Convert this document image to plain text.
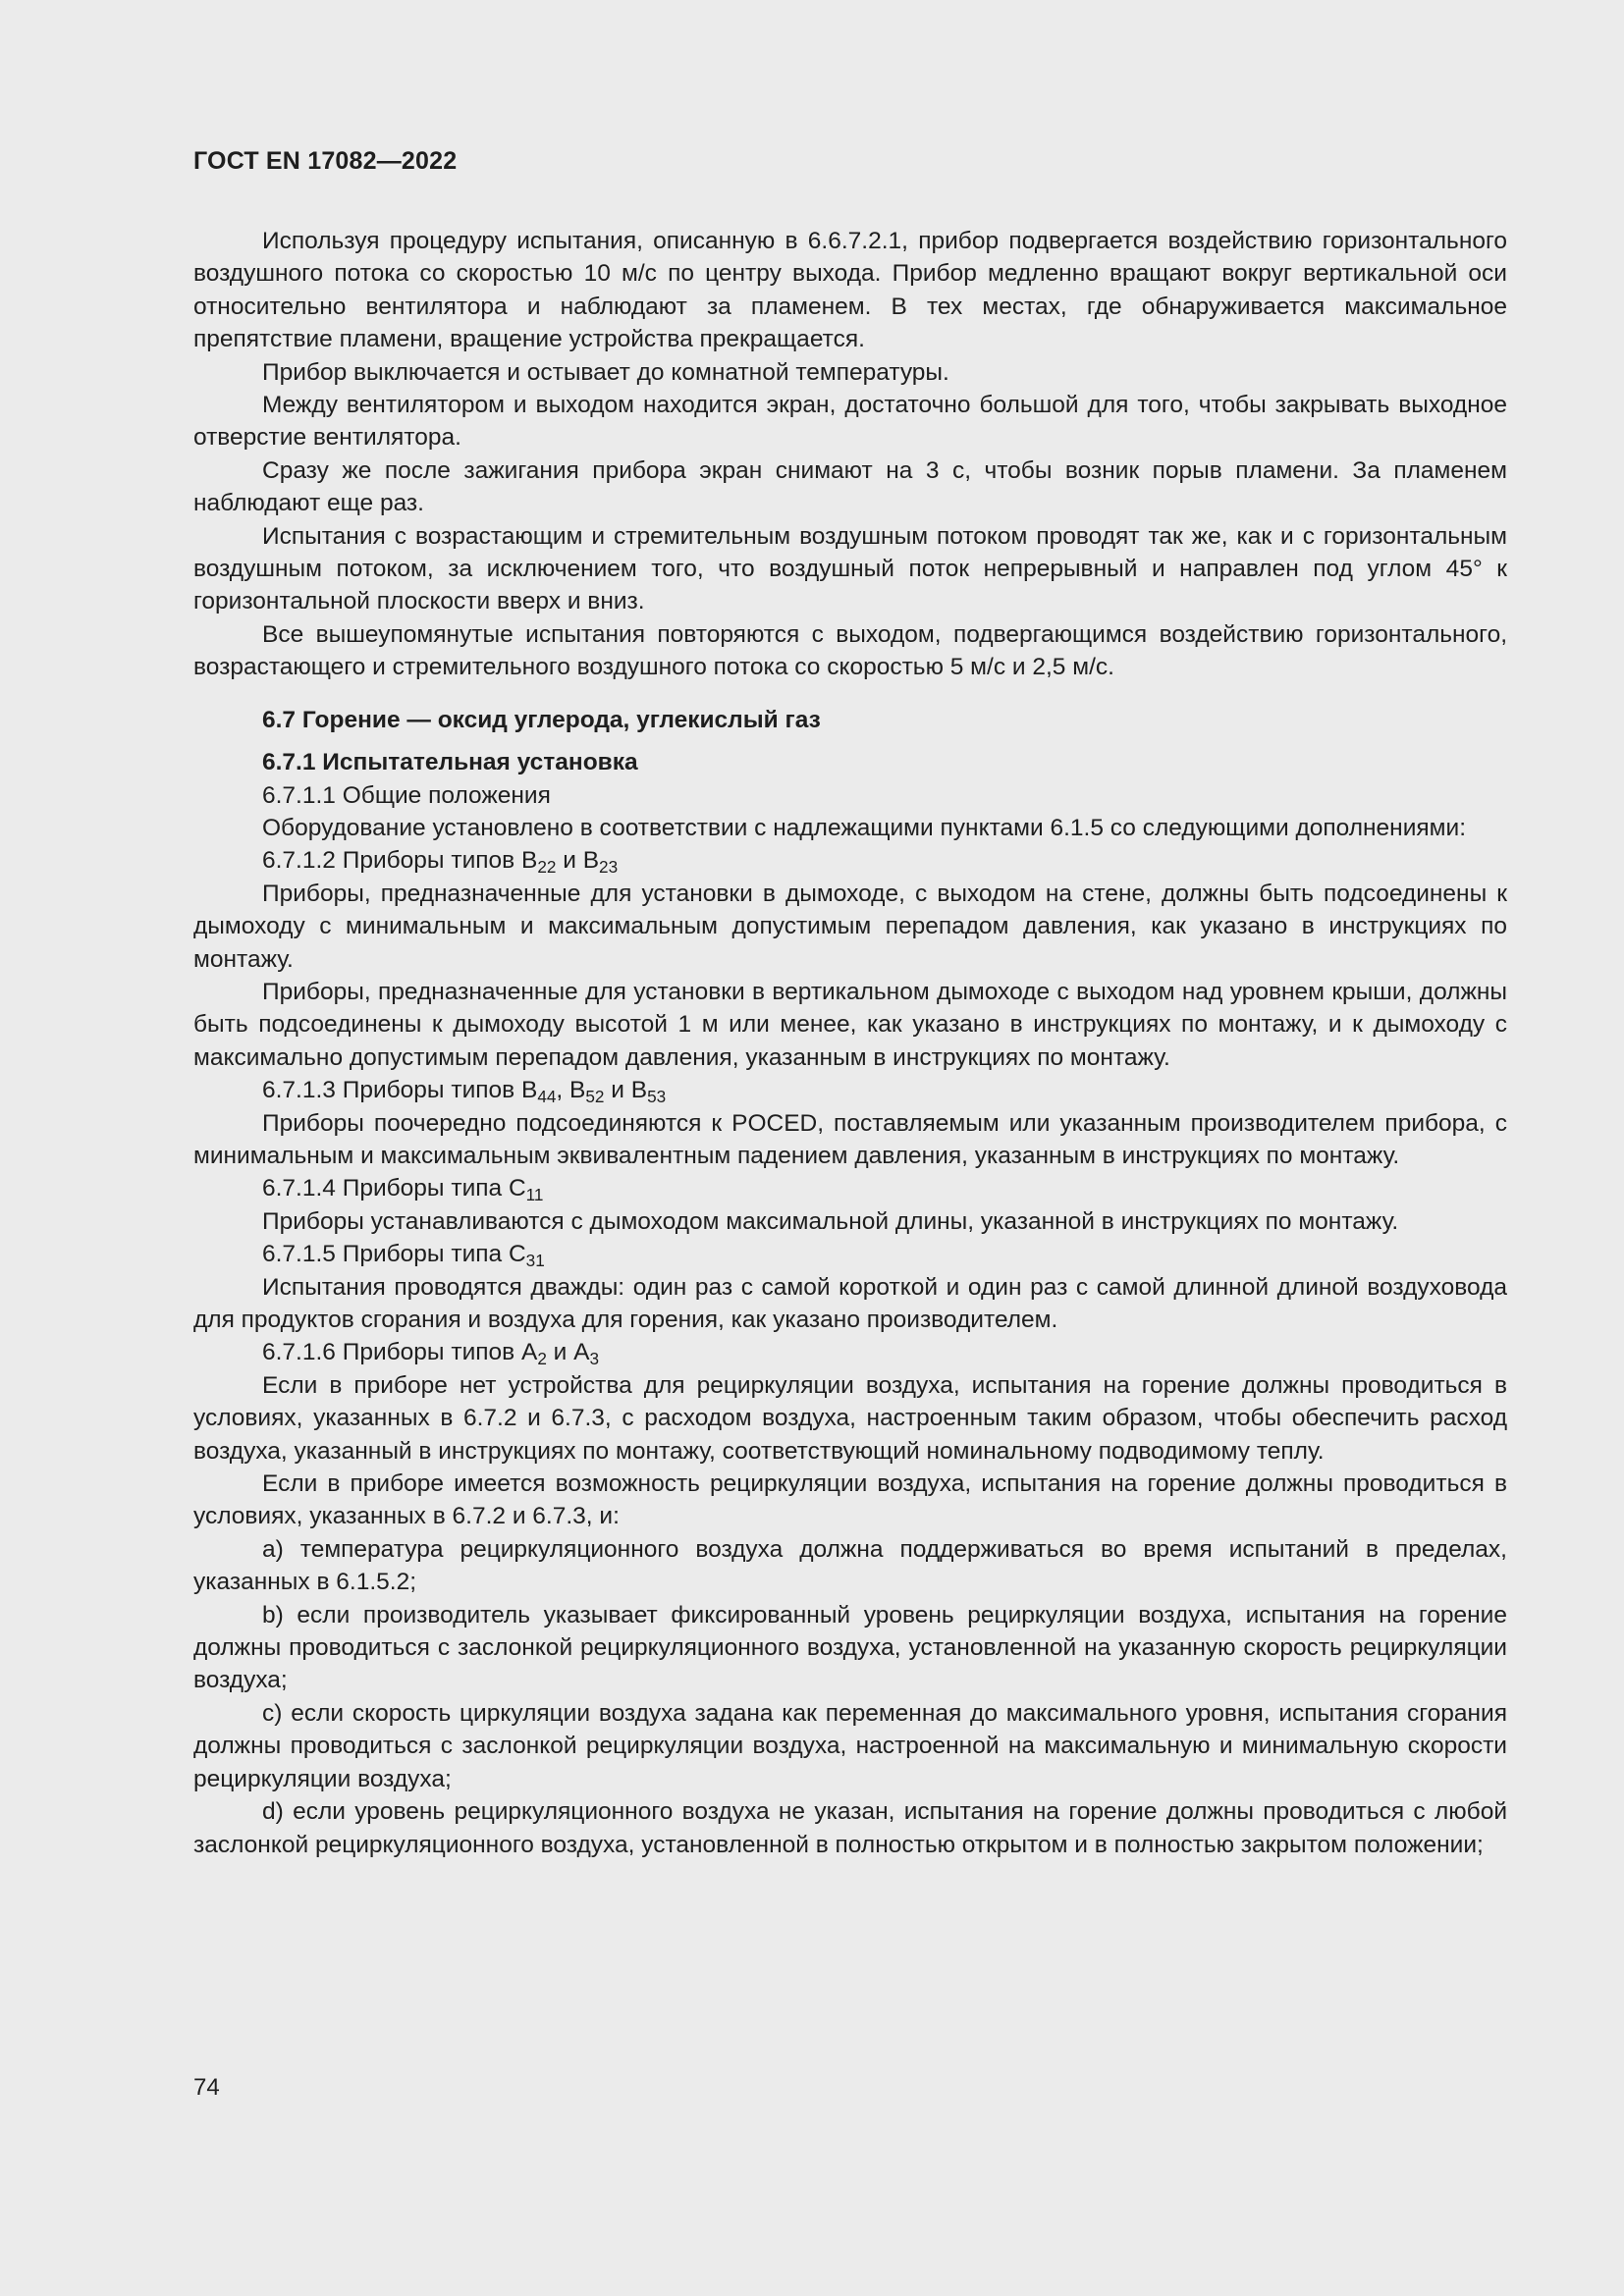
ГОСТ EN 17082—2022

Используя процедуру испытания, описанную в 6.6.7.2.1, прибор подвергается воздействию горизонтального воздушного потока со скоростью 10 м/с по центру выхода. Прибор медленно вращают вокруг вертикальной оси относительно вентилятора и наблюдают за пламенем. В тех местах, где обнаруживается максимальное препятствие пламени, вращение устройства прекращается.

Прибор выключается и остывает до комнатной температуры.

Между вентилятором и выходом находится экран, достаточно большой для того, чтобы закрывать выходное отверстие вентилятора.

Сразу же после зажигания прибора экран снимают на 3 с, чтобы возник порыв пламени. За пламенем наблюдают еще раз.

Испытания с возрастающим и стремительным воздушным потоком проводят так же, как и с горизонтальным воздушным потоком, за исключением того, что воздушный поток непрерывный и направлен под углом 45° к горизонтальной плоскости вверх и вниз.

Все вышеупомянутые испытания повторяются с выходом, подвергающимся воздействию горизонтального, возрастающего и стремительного воздушного потока со скоростью 5 м/с и 2,5 м/с.

6.7 Горение — оксид углерода, углекислый газ

6.7.1 Испытательная установка

6.7.1.1 Общие положения

Оборудование установлено в соответствии с надлежащими пунктами 6.1.5 со следующими дополнениями:

6.7.1.2 Приборы типов $B_{22}$ и $B_{23}$

Приборы, предназначенные для установки в дымоходе, с выходом на стене, должны быть подсоединены к дымоходу с минимальным и максимальным допустимым перепадом давления, как указано в инструкциях по монтажу.

Приборы, предназначенные для установки в вертикальном дымоходе с выходом над уровнем крыши, должны быть подсоединены к дымоходу высотой 1 м или менее, как указано в инструкциях по монтажу, и к дымоходу с максимально допустимым перепадом давления, указанным в инструкциях по монтажу.

6.7.1.3 Приборы типов $B_{44}$, $B_{52}$ и $B_{53}$

Приборы поочередно подсоединяются к POCED, поставляемым или указанным производителем прибора, с минимальным и максимальным эквивалентным падением давления, указанным в инструкциях по монтажу.

6.7.1.4 Приборы типа $C_{11}$

Приборы устанавливаются с дымоходом максимальной длины, указанной в инструкциях по монтажу.

6.7.1.5 Приборы типа $C_{31}$

Испытания проводятся дважды: один раз с самой короткой и один раз с самой длинной длиной воздуховода для продуктов сгорания и воздуха для горения, как указано производителем.

6.7.1.6 Приборы типов $A_2$ и $A_3$

Если в приборе нет устройства для рециркуляции воздуха, испытания на горение должны проводиться в условиях, указанных в 6.7.2 и 6.7.3, с расходом воздуха, настроенным таким образом, чтобы обеспечить расход воздуха, указанный в инструкциях по монтажу, соответствующий номинальному подводимому теплу.

Если в приборе имеется возможность рециркуляции воздуха, испытания на горение должны проводиться в условиях, указанных в 6.7.2 и 6.7.3, и:

a) температура рециркуляционного воздуха должна поддерживаться во время испытаний в пределах, указанных в 6.1.5.2;

b) если производитель указывает фиксированный уровень рециркуляции воздуха, испытания на горение должны проводиться с заслонкой рециркуляционного воздуха, установленной на указанную скорость рециркуляции воздуха;

c) если скорость циркуляции воздуха задана как переменная до максимального уровня, испытания сгорания должны проводиться с заслонкой рециркуляции воздуха, настроенной на максимальную и минимальную скорости рециркуляции воздуха;

d) если уровень рециркуляционного воздуха не указан, испытания на горение должны проводиться с любой заслонкой рециркуляционного воздуха, установленной в полностью открытом и в полностью закрытом положении;

74
